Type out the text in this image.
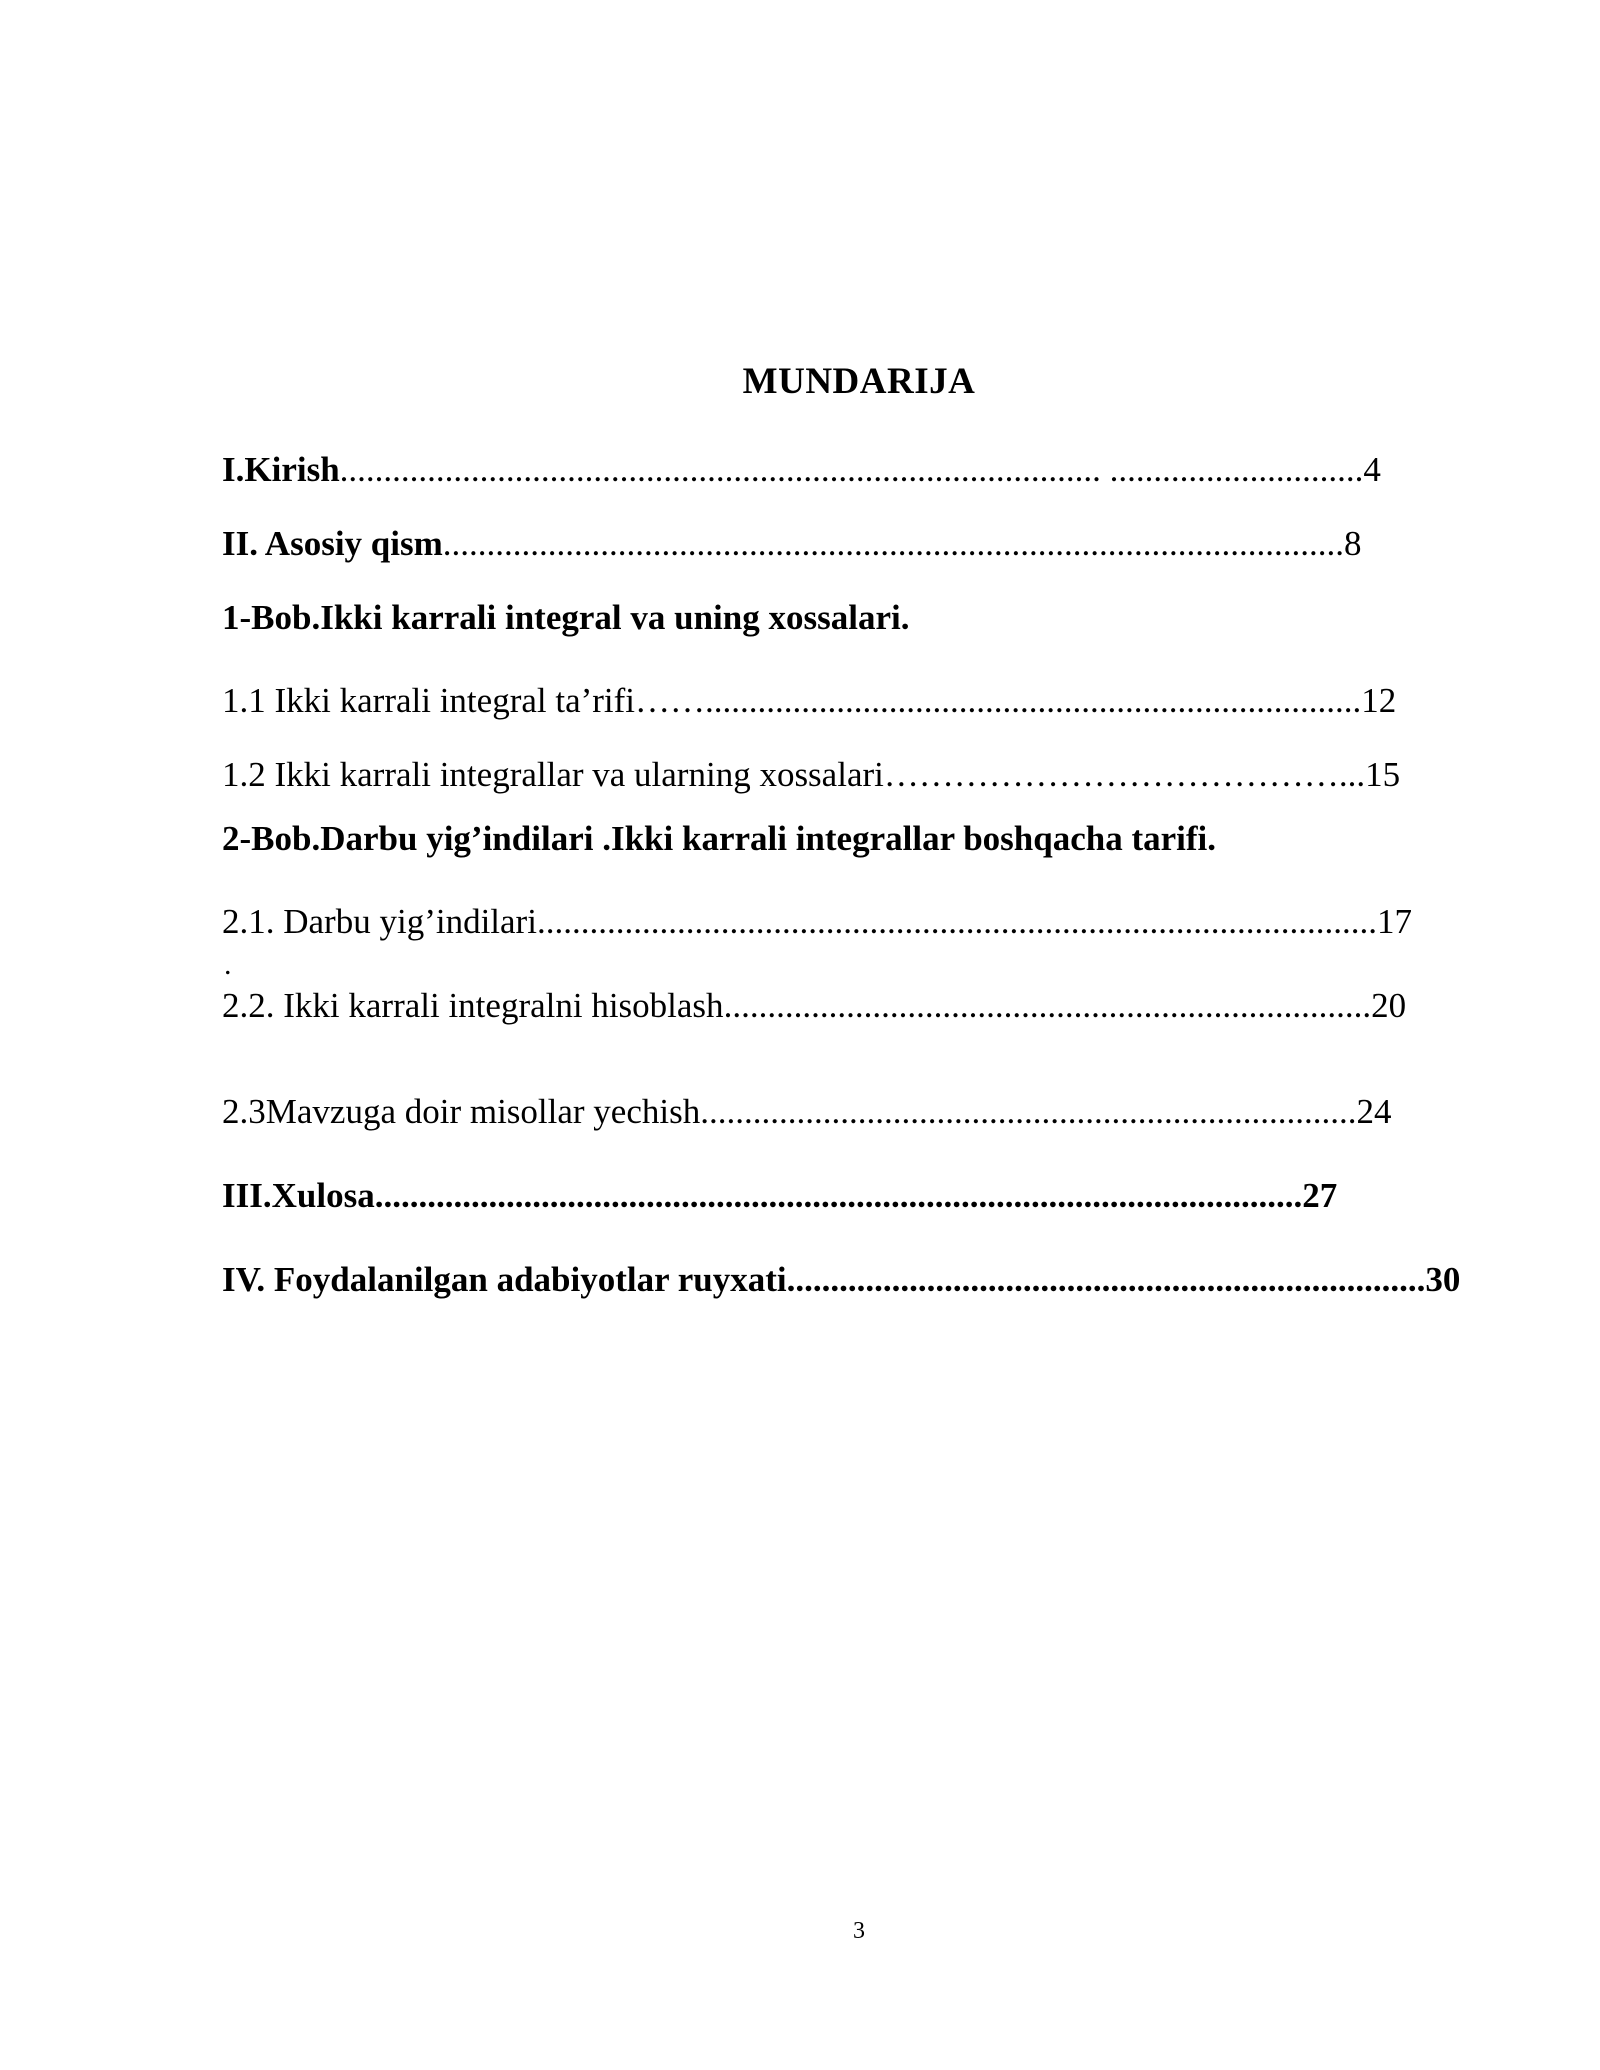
MUNDARIJA
I.Kirish....................................................................................... .............................4
II. Asosiy qism.......................................................................................................8
1-Bob.Ikki karrali integral va uning xossalari.
1.1 Ikki karrali integral ta’rifi……...........................................................................12
1.2 Ikki karrali integrallar va ularning xossalari…………………………………...15
2-Bob.Darbu yig’indilari .Ikki karrali integrallar boshqacha tarifi.
2.1. Darbu yig’indilari................................................................................................17
.
2.2. Ikki karrali integralni hisoblash..........................................................................20
2.3Mavzuga doir misollar yechish...........................................................................24
III.Xulosa..........................................................................................................27
IV. Foydalanilgan adabiyotlar ruyxati.........................................................................30
3
